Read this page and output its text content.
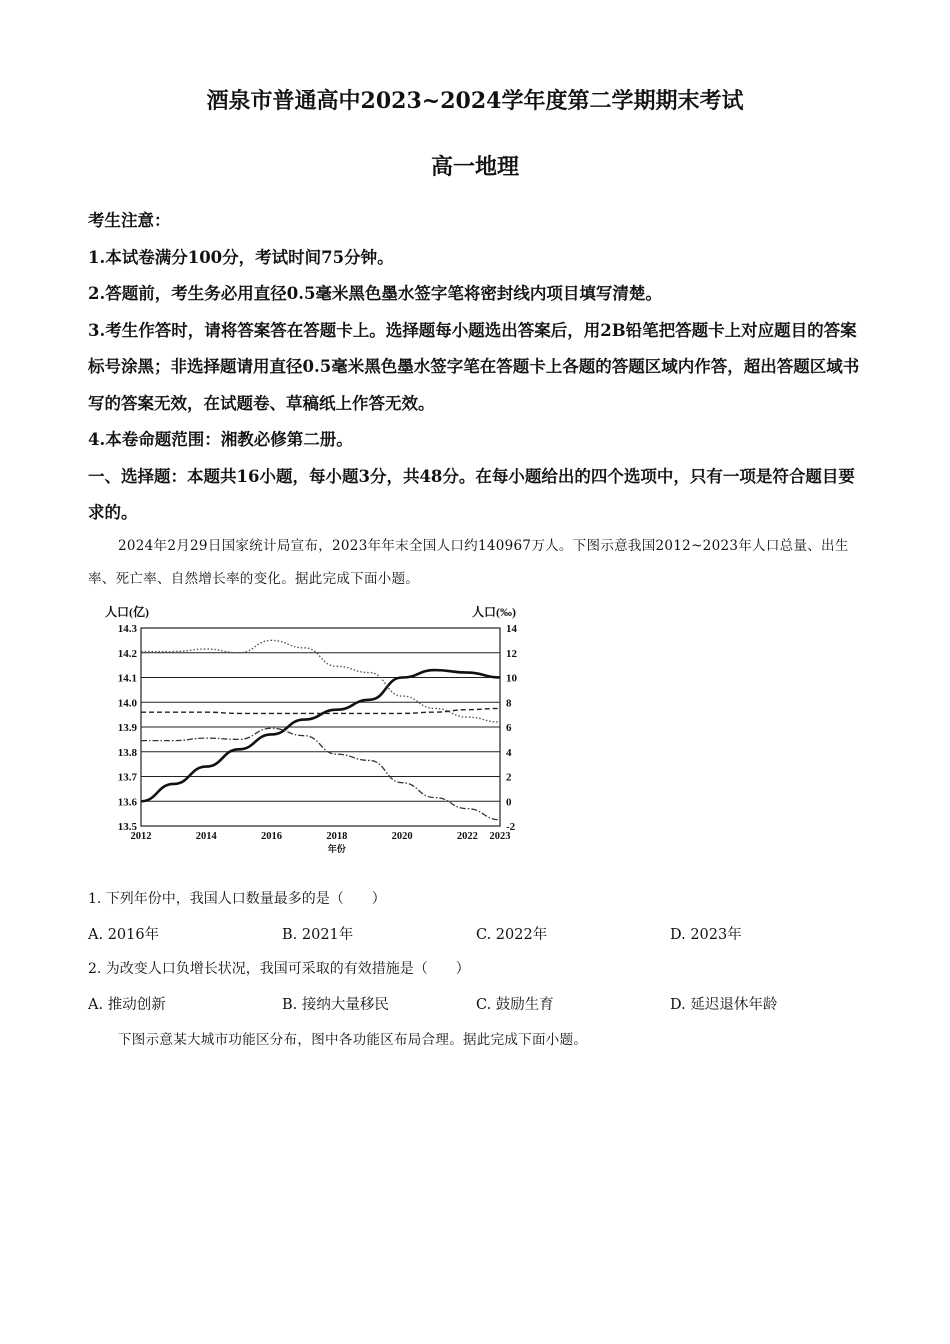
酒泉市普通高中2023~2024学年度第二学期期末考试
高一地理

考生注意：

1.本试卷满分100分，考试时间75分钟。

2.答题前，考生务必用直径0.5毫米黑色墨水签字笔将密封线内项目填写清楚。

3.考生作答时，请将答案答在答题卡上。选择题每小题选出答案后，用2B铅笔把答题卡上对应题目的答案标号涂黑；非选择题请用直径0.5毫米黑色墨水签字笔在答题卡上各题的答题区域内作答，超出答题区域书写的答案无效，在试题卷、草稿纸上作答无效。

4.本卷命题范围：湘教必修第二册。

一、选择题：本题共16小题，每小题3分，共48分。在每小题给出的四个选项中，只有一项是符合题目要求的。

2024年2月29日国家统计局宣布，2023年年末全国人口约140967万人。下图示意我国2012~2023年人口总量、出生率、死亡率、自然增长率的变化。据此完成下面小题。
13.5
13.6
13.7
13.8
13.9
14.0
14.1
14.2
14.3
-2
0
2
4
6
8
10
12
14
2012	2014	2016	2018	2020	2022 2023
人口(亿)	人口(‰)
年份
1. 下列年份中，我国人口数量最多的是（　　）
A. 2016年	B. 2021年	C. 2022年	D. 2023年
2. 为改变人口负增长状况，我国可采取的有效措施是（　　）
A. 推动创新	B. 接纳大量移民	C. 鼓励生育	D. 延迟退休年龄
下图示意某大城市功能区分布，图中各功能区布局合理。据此完成下面小题。
